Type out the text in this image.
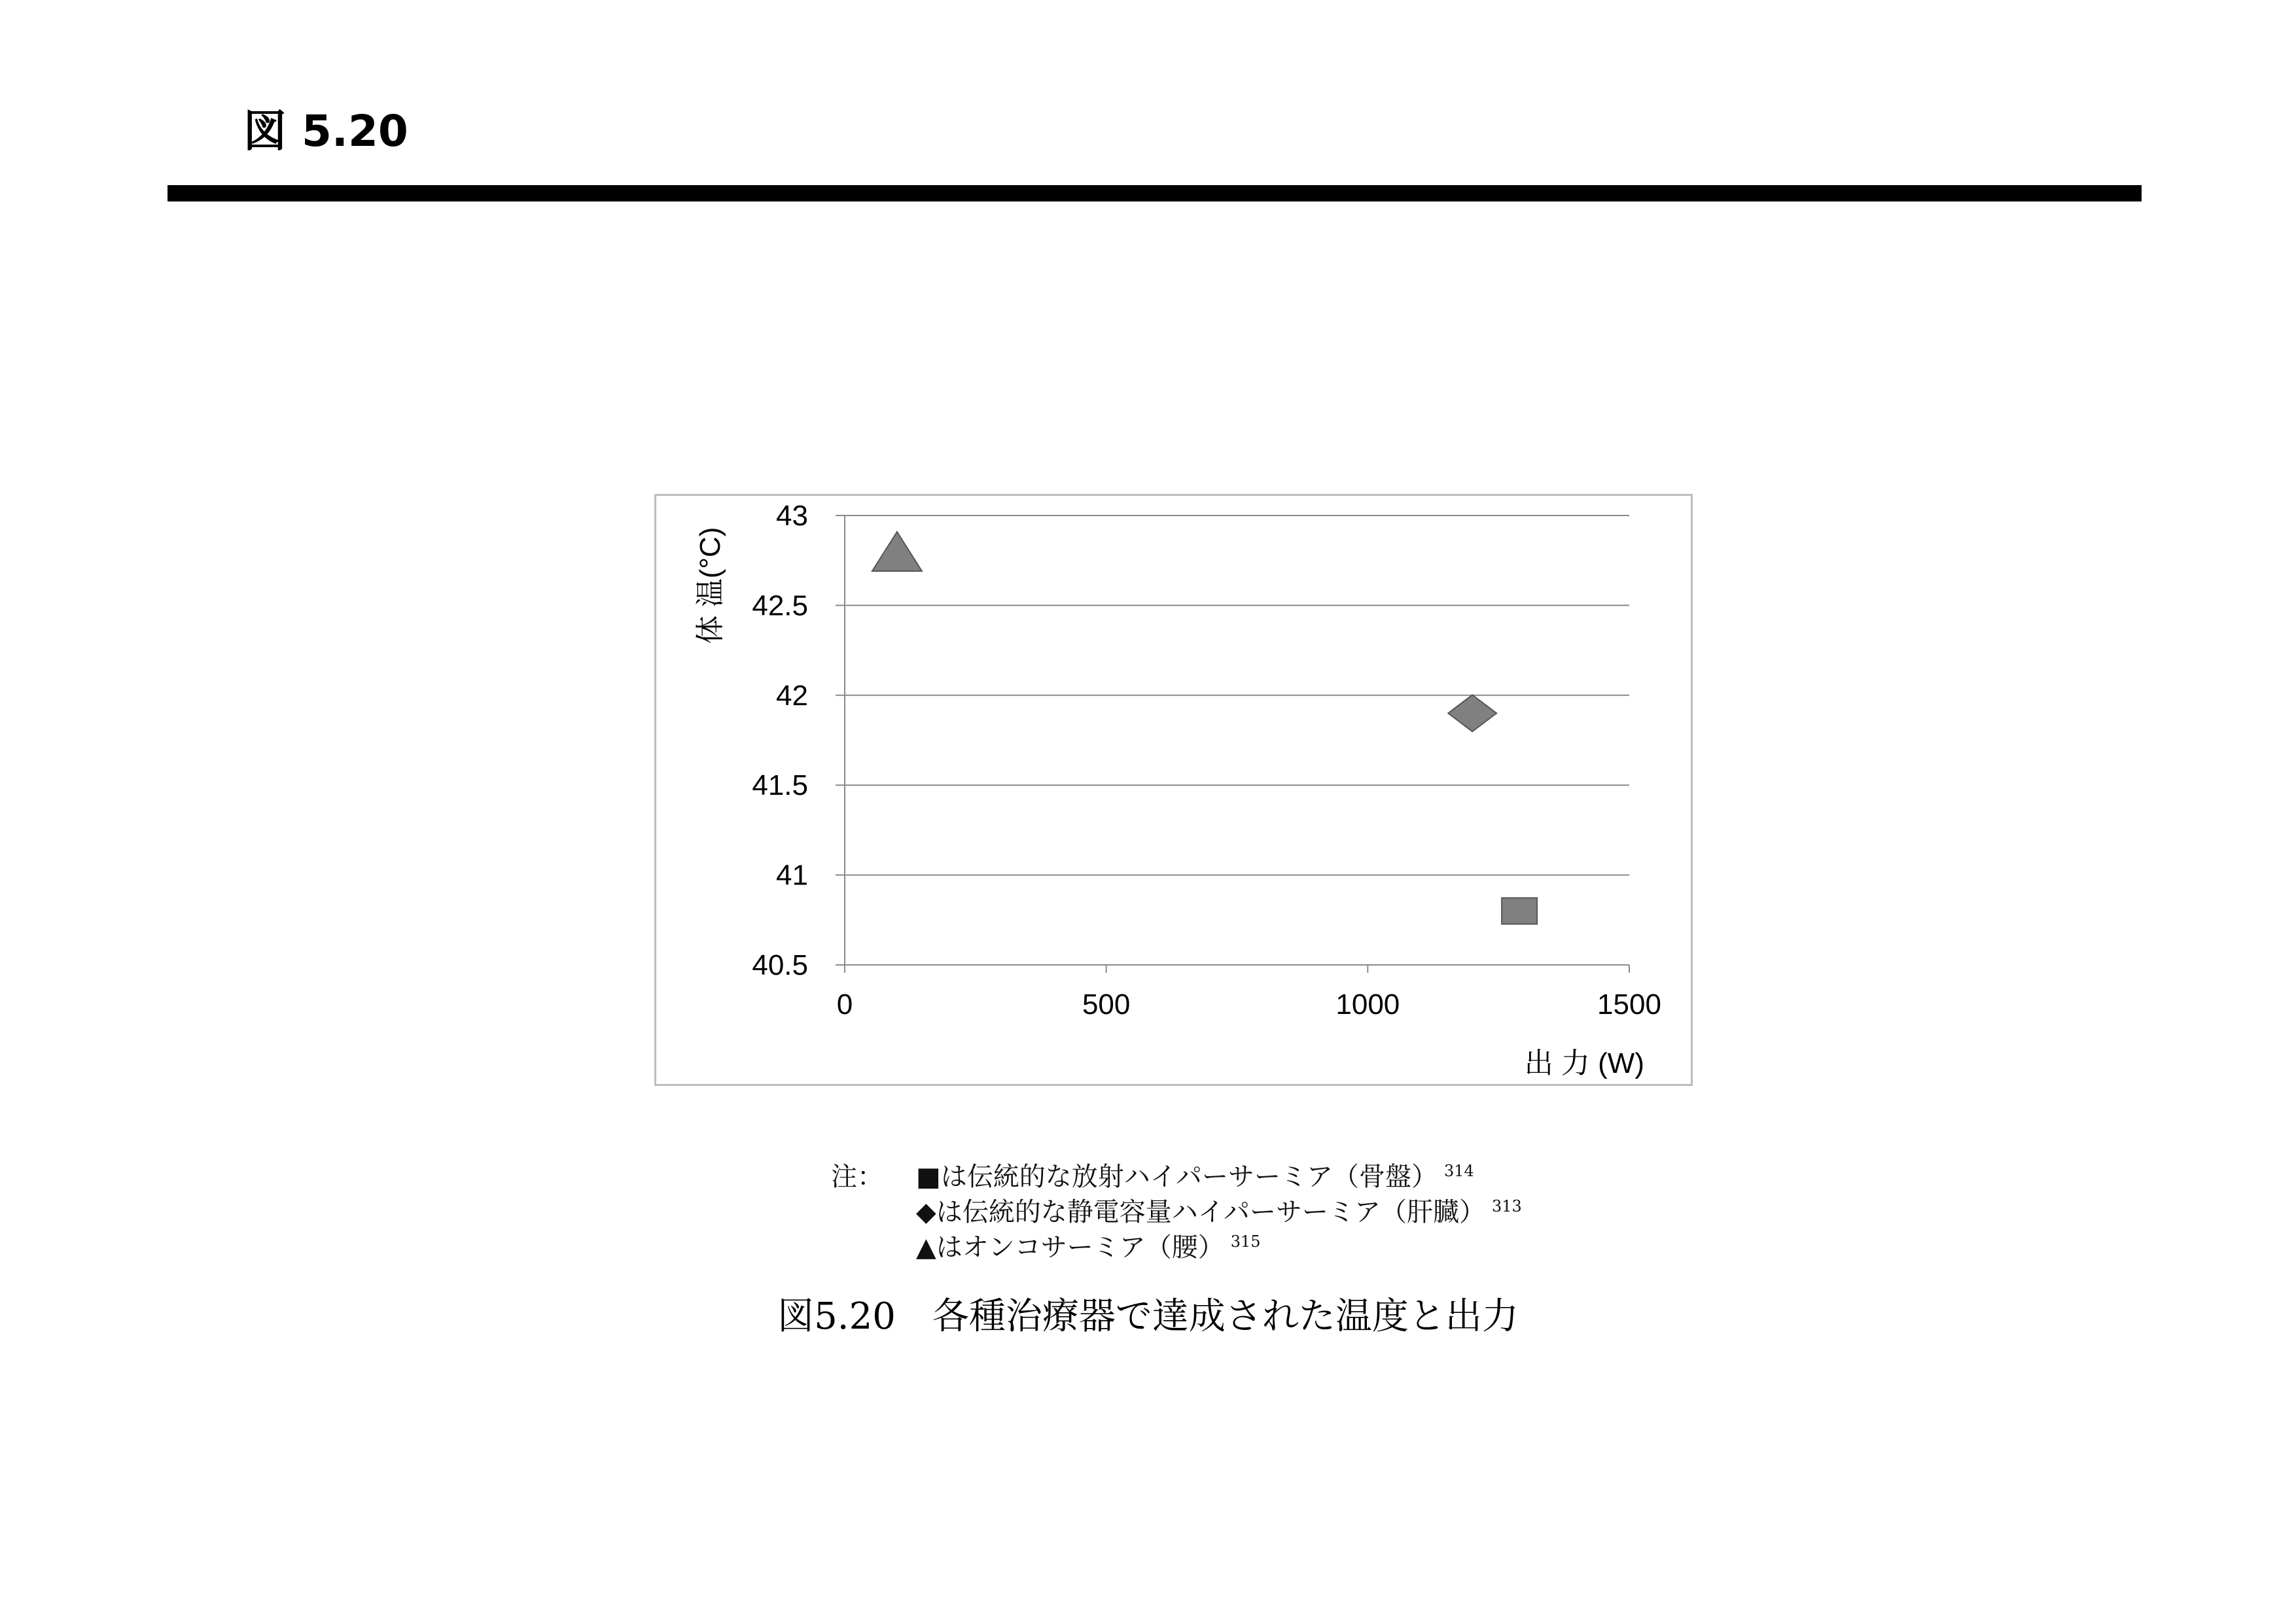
図 5.20
40.5
41
41.5
42
42.5
43
0	500	1000	1500
体 温(°C)
出 力 (W)
注：	■は伝統的な放射ハイパーサーミア（骨盤） $^{314}$
◆は伝統的な静電容量ハイパーサーミア（肝臓） $^{313}$
▲はオンコサーミア（腰） $^{315}$
図5.20　各種治療器で達成された温度と出力
